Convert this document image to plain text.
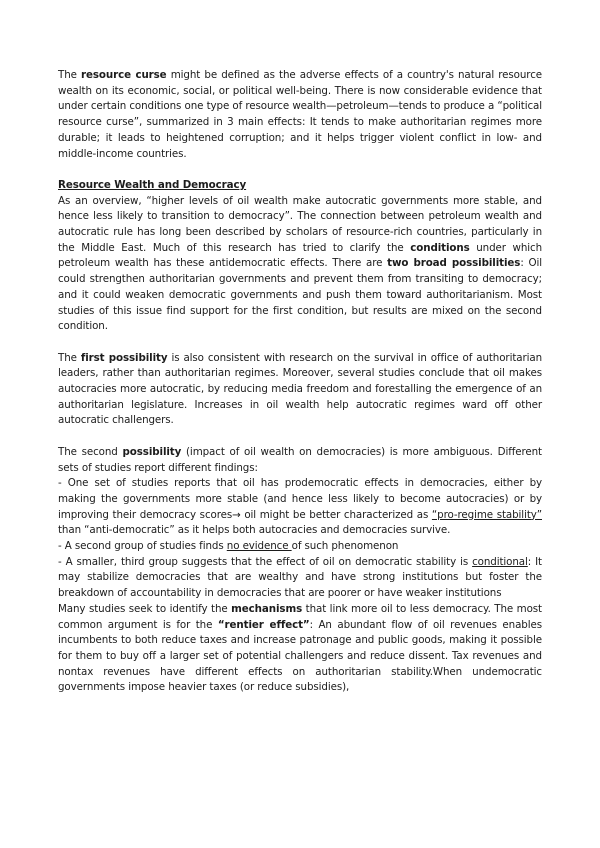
The resource curse might be defined as the adverse effects of a country's natural resource wealth on its economic, social, or political well-being. There is now considerable evidence that under certain conditions one type of resource wealth—petroleum—tends to produce a “political resource curse”, summarized in 3 main effects: It tends to make authoritarian regimes more durable; it leads to heightened corruption; and it helps trigger violent conflict in low- and middle-income countries.

Resource Wealth and Democracy

As an overview, “higher levels of oil wealth make autocratic governments more stable, and hence less likely to transition to democracy”. The connection between petroleum wealth and autocratic rule has long been described by scholars of resource-rich countries, particularly in the Middle East. Much of this research has tried to clarify the conditions under which petroleum wealth has these antidemocratic effects. There are two broad possibilities: Oil could strengthen authoritarian governments and prevent them from transiting to democracy; and it could weaken democratic governments and push them toward authoritarianism. Most studies of this issue find support for the first condition, but results are mixed on the second condition.

The first possibility is also consistent with research on the survival in office of authoritarian leaders, rather than authoritarian regimes. Moreover, several studies conclude that oil makes autocracies more autocratic, by reducing media freedom and forestalling the emergence of an authoritarian legislature. Increases in oil wealth help autocratic regimes ward off other autocratic challengers.

The second possibility (impact of oil wealth on democracies) is more ambiguous. Different sets of studies report different findings:

- One set of studies reports that oil has prodemocratic effects in democracies, either by making the governments more stable (and hence less likely to become autocracies) or by improving their democracy scores→ oil might be better characterized as “pro-regime stability” than “anti-democratic” as it helps both autocracies and democracies survive.

- A second group of studies finds no evidence of such phenomenon

- A smaller, third group suggests that the effect of oil on democratic stability is conditional: It may stabilize democracies that are wealthy and have strong institutions but foster the breakdown of accountability in democracies that are poorer or have weaker institutions

Many studies seek to identify the mechanisms that link more oil to less democracy. The most common argument is for the “rentier effect”: An abundant flow of oil revenues enables incumbents to both reduce taxes and increase patronage and public goods, making it possible for them to buy off a larger set of potential challengers and reduce dissent. Tax revenues and nontax revenues have different effects on authoritarian stability.When undemocratic governments impose heavier taxes (or reduce subsidies),
